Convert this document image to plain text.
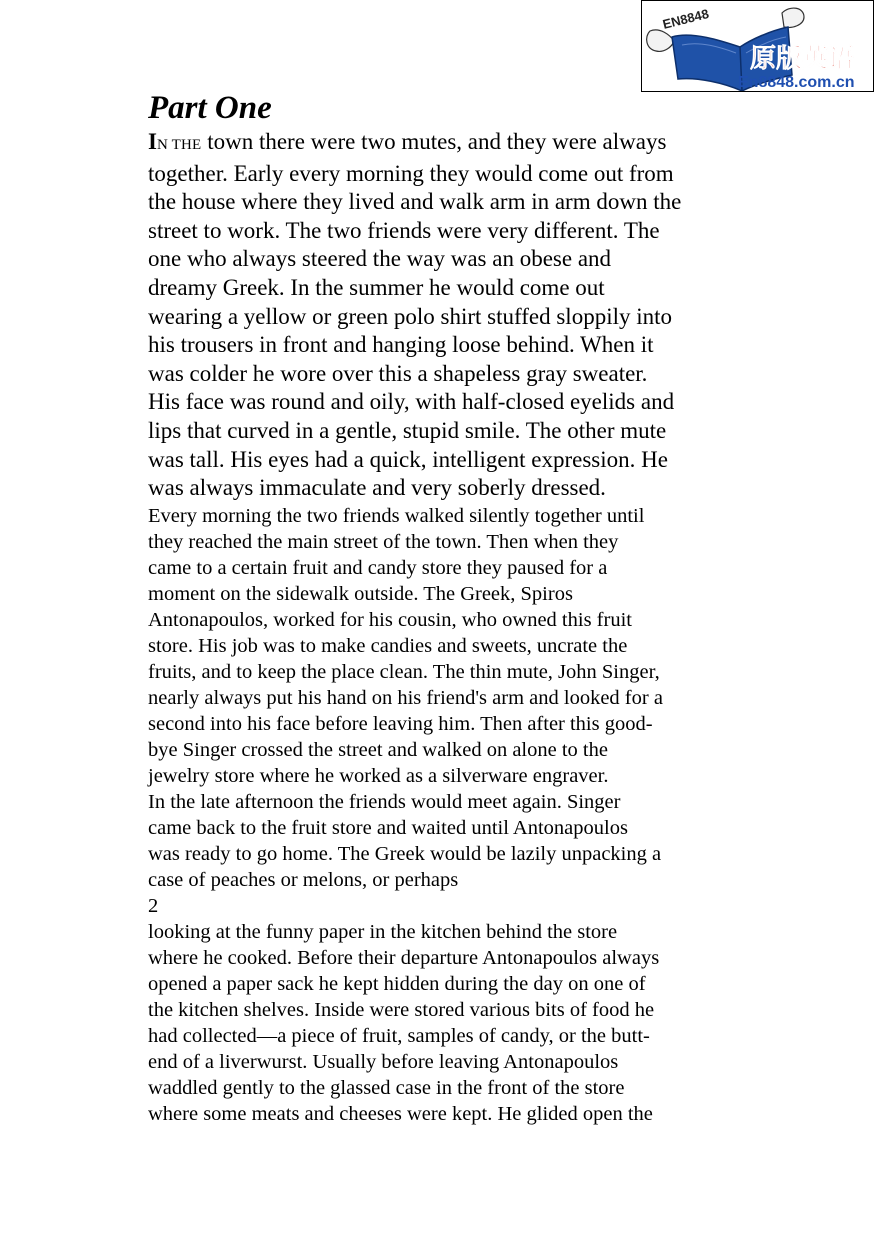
EN8848
原版英语
En8848.com.cn
Part One
IN THE town there were two mutes, and they were always
together. Early every morning they would come out from
the house where they lived and walk arm in arm down the
street to work. The two friends were very different. The
one who always steered the way was an obese and
dreamy Greek. In the summer he would come out
wearing a yellow or green polo shirt stuffed sloppily into
his trousers in front and hanging loose behind. When it
was colder he wore over this a shapeless gray sweater.
His face was round and oily, with half-closed eyelids and
lips that curved in a gentle, stupid smile. The other mute
was tall. His eyes had a quick, intelligent expression. He
was always immaculate and very soberly dressed.
Every morning the two friends walked silently together until
they reached the main street of the town. Then when they
came to a certain fruit and candy store they paused for a
moment on the sidewalk outside. The Greek, Spiros
Antonapoulos, worked for his cousin, who owned this fruit
store. His job was to make candies and sweets, uncrate the
fruits, and to keep the place clean. The thin mute, John Singer,
nearly always put his hand on his friend's arm and looked for a
second into his face before leaving him. Then after this good-
bye Singer crossed the street and walked on alone to the
jewelry store where he worked as a silverware engraver.
In the late afternoon the friends would meet again. Singer
came back to the fruit store and waited until Antonapoulos
was ready to go home. The Greek would be lazily unpacking a
case of peaches or melons, or perhaps
2
looking at the funny paper in the kitchen behind the store
where he cooked. Before their departure Antonapoulos always
opened a paper sack he kept hidden during the day on one of
the kitchen shelves. Inside were stored various bits of food he
had collected—a piece of fruit, samples of candy, or the butt-
end of a liverwurst. Usually before leaving Antonapoulos
waddled gently to the glassed case in the front of the store
where some meats and cheeses were kept. He glided open the
